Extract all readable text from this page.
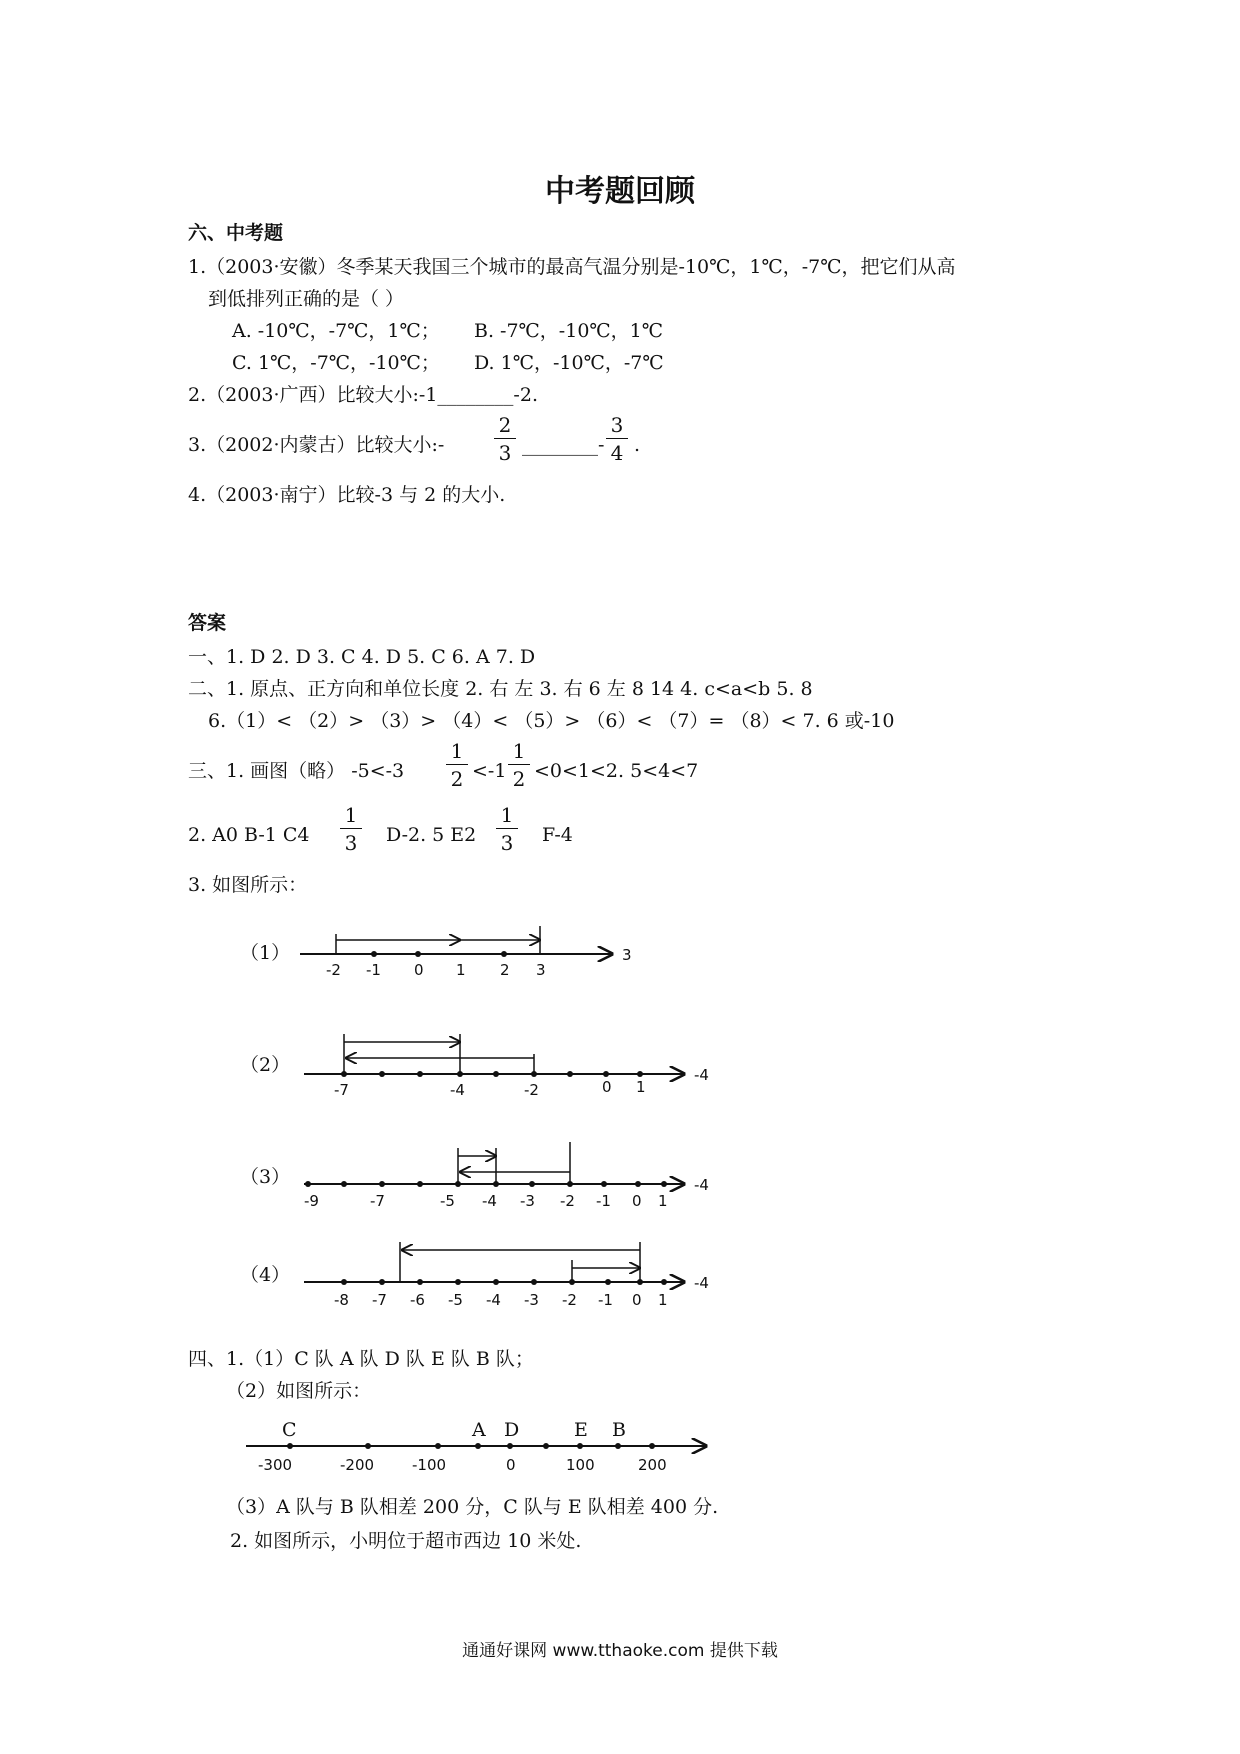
中考题回顾
六、中考题
1.（2003·安徽）冬季某天我国三个城市的最高气温分别是-10℃，1℃，-7℃，把它们从高
到低排列正确的是（ ）
A. -10℃，-7℃，1℃； B. -7℃，-10℃，1℃
C. 1℃，-7℃，-10℃； D. 1℃，-10℃，-7℃
2.（2003·广西）比较大小:-1________-2.
3.（2002·内蒙古）比较大小:- $\frac{2}{3}$ ________- $\frac{3}{4}$ .
4.（2003·南宁）比较-3 与 2 的大小.
答案
一、1. D 2. D 3. C 4. D 5. C 6. A 7. D
二、1. 原点、正方向和单位长度 2. 右 左 3. 右 6 左 8 14 4. c<a<b 5. 8
6.（1）< （2）> （3）> （4）< （5）> （6）< （7）= （8）< 7. 6 或-10
三、1. 画图（略） $-5<-3 \frac{1}{2} <-1 \frac{1}{2} <0<1<2$. 5<4<7
2. A0 B-1 $C4 \frac{1}{3} D-2$. 5 $E2 \frac{1}{3} F-4$
3. 如图所示：
（1）
（2）
（3）
（4）
-2 -1 0 1 2 3
3
-7	-4	-2	0 1
-4
-9	-7	-5 -4 -3 -2 -1 0 1
-4
-8 -7 -6 -5 -4 -3 -2 -1 0 1
-4
C	A D	E B
-300	-200	-100	0	100	200
四、1.（1）C 队 A 队 D 队 E 队 B 队；
（2）如图所示：
（3）A 队与 B 队相差 200 分，C 队与 E 队相差 400 分.
2. 如图所示，小明位于超市西边 10 米处.
通通好课网 www.tthaoke.com 提供下载
